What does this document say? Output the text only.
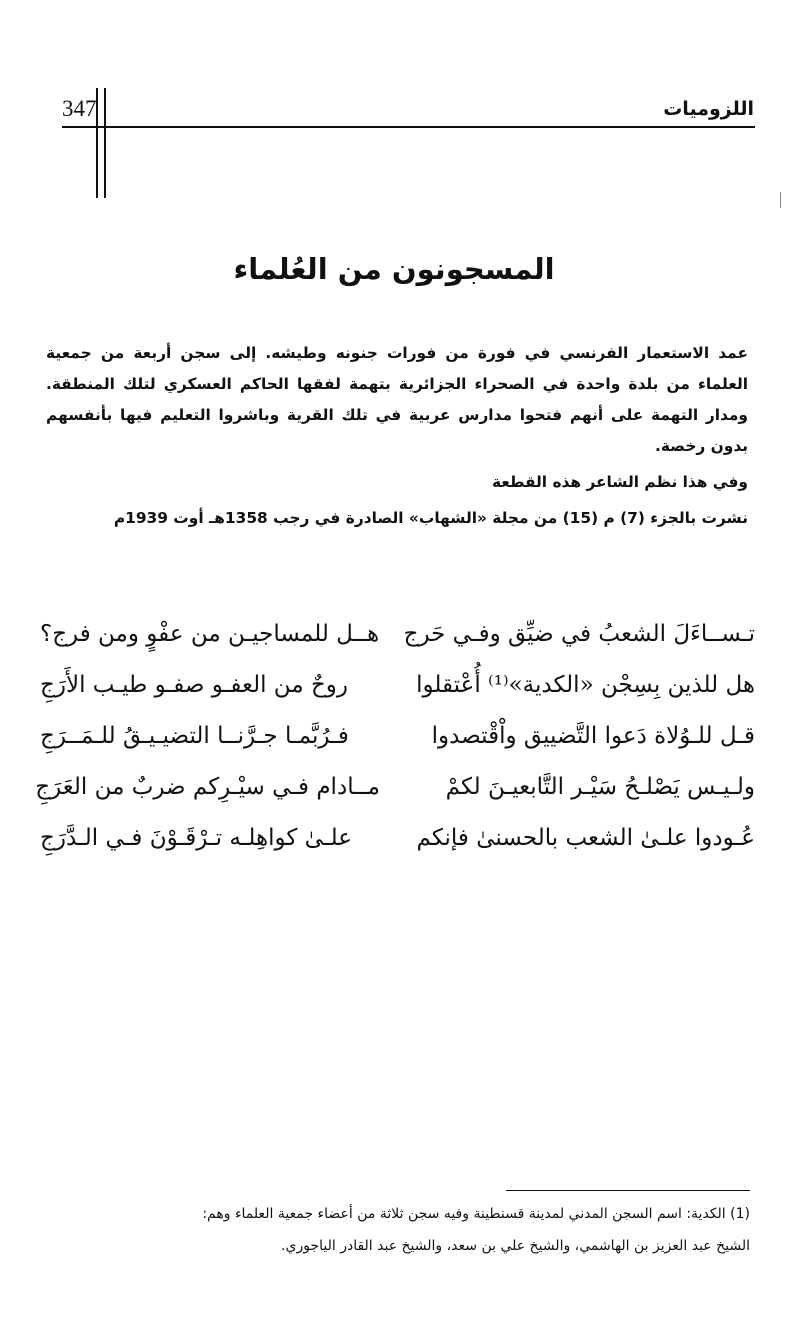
اللزوميات
347
المسجونون من العُلماء

عمد الاستعمار الفرنسي في فورة من فورات جنونه وطيشه. إلى سجن أربعة من جمعية العلماء من بلدة واحدة في الصحراء الجزائرية بتهمة لفقها الحاكم العسكري لتلك المنطقة. ومدار التهمة على أنهم فتحوا مدارس عربية في تلك القرية وباشروا التعليم فيها بأنفسهم بدون رخصة.

وفي هذا نظم الشاعر هذه القطعة

نشرت بالجزء (7) م (15) من مجلة «الشهاب» الصادرة في رجب 1358هـ أوت 1939م

تـســاءَلَ الشعبُ في ضيِّق وفـي حَرج
هــل للمساجيـن من عفْوٍ ومن فرج؟
هل للذين بِسِجْن «الكدية»⁽¹⁾ أُعْتقلوا
روحٌ من العفـو صفـو طيـب الأَرَجِ
قـل للـوُلاة دَعوا التَّضييق واْقْتصدوا
فـرُبَّمـا جـرَّنــا التضيـيـقُ للـمَــرَجِ
ولـيـس يَصْلـحُ سَيْـر التَّابعيـنَ لكمْ
مــادام فـي سيْـرِكم ضربٌ من العَرَجِ
عُـودوا علـىٰ الشعب بالحسنىٰ فإنكم
علـىٰ كواهِلـه تـرْقَـوْنَ فـي الـدَّرَجِ

(1) الكدية: اسم السجن المدني لمدينة قسنطينة وفيه سجن ثلاثة من أعضاء جمعية العلماء وهم:

الشيخ عبد العزيز بن الهاشمي، والشيخ علي بن سعد، والشيخ عبد القادر الياجوري.
